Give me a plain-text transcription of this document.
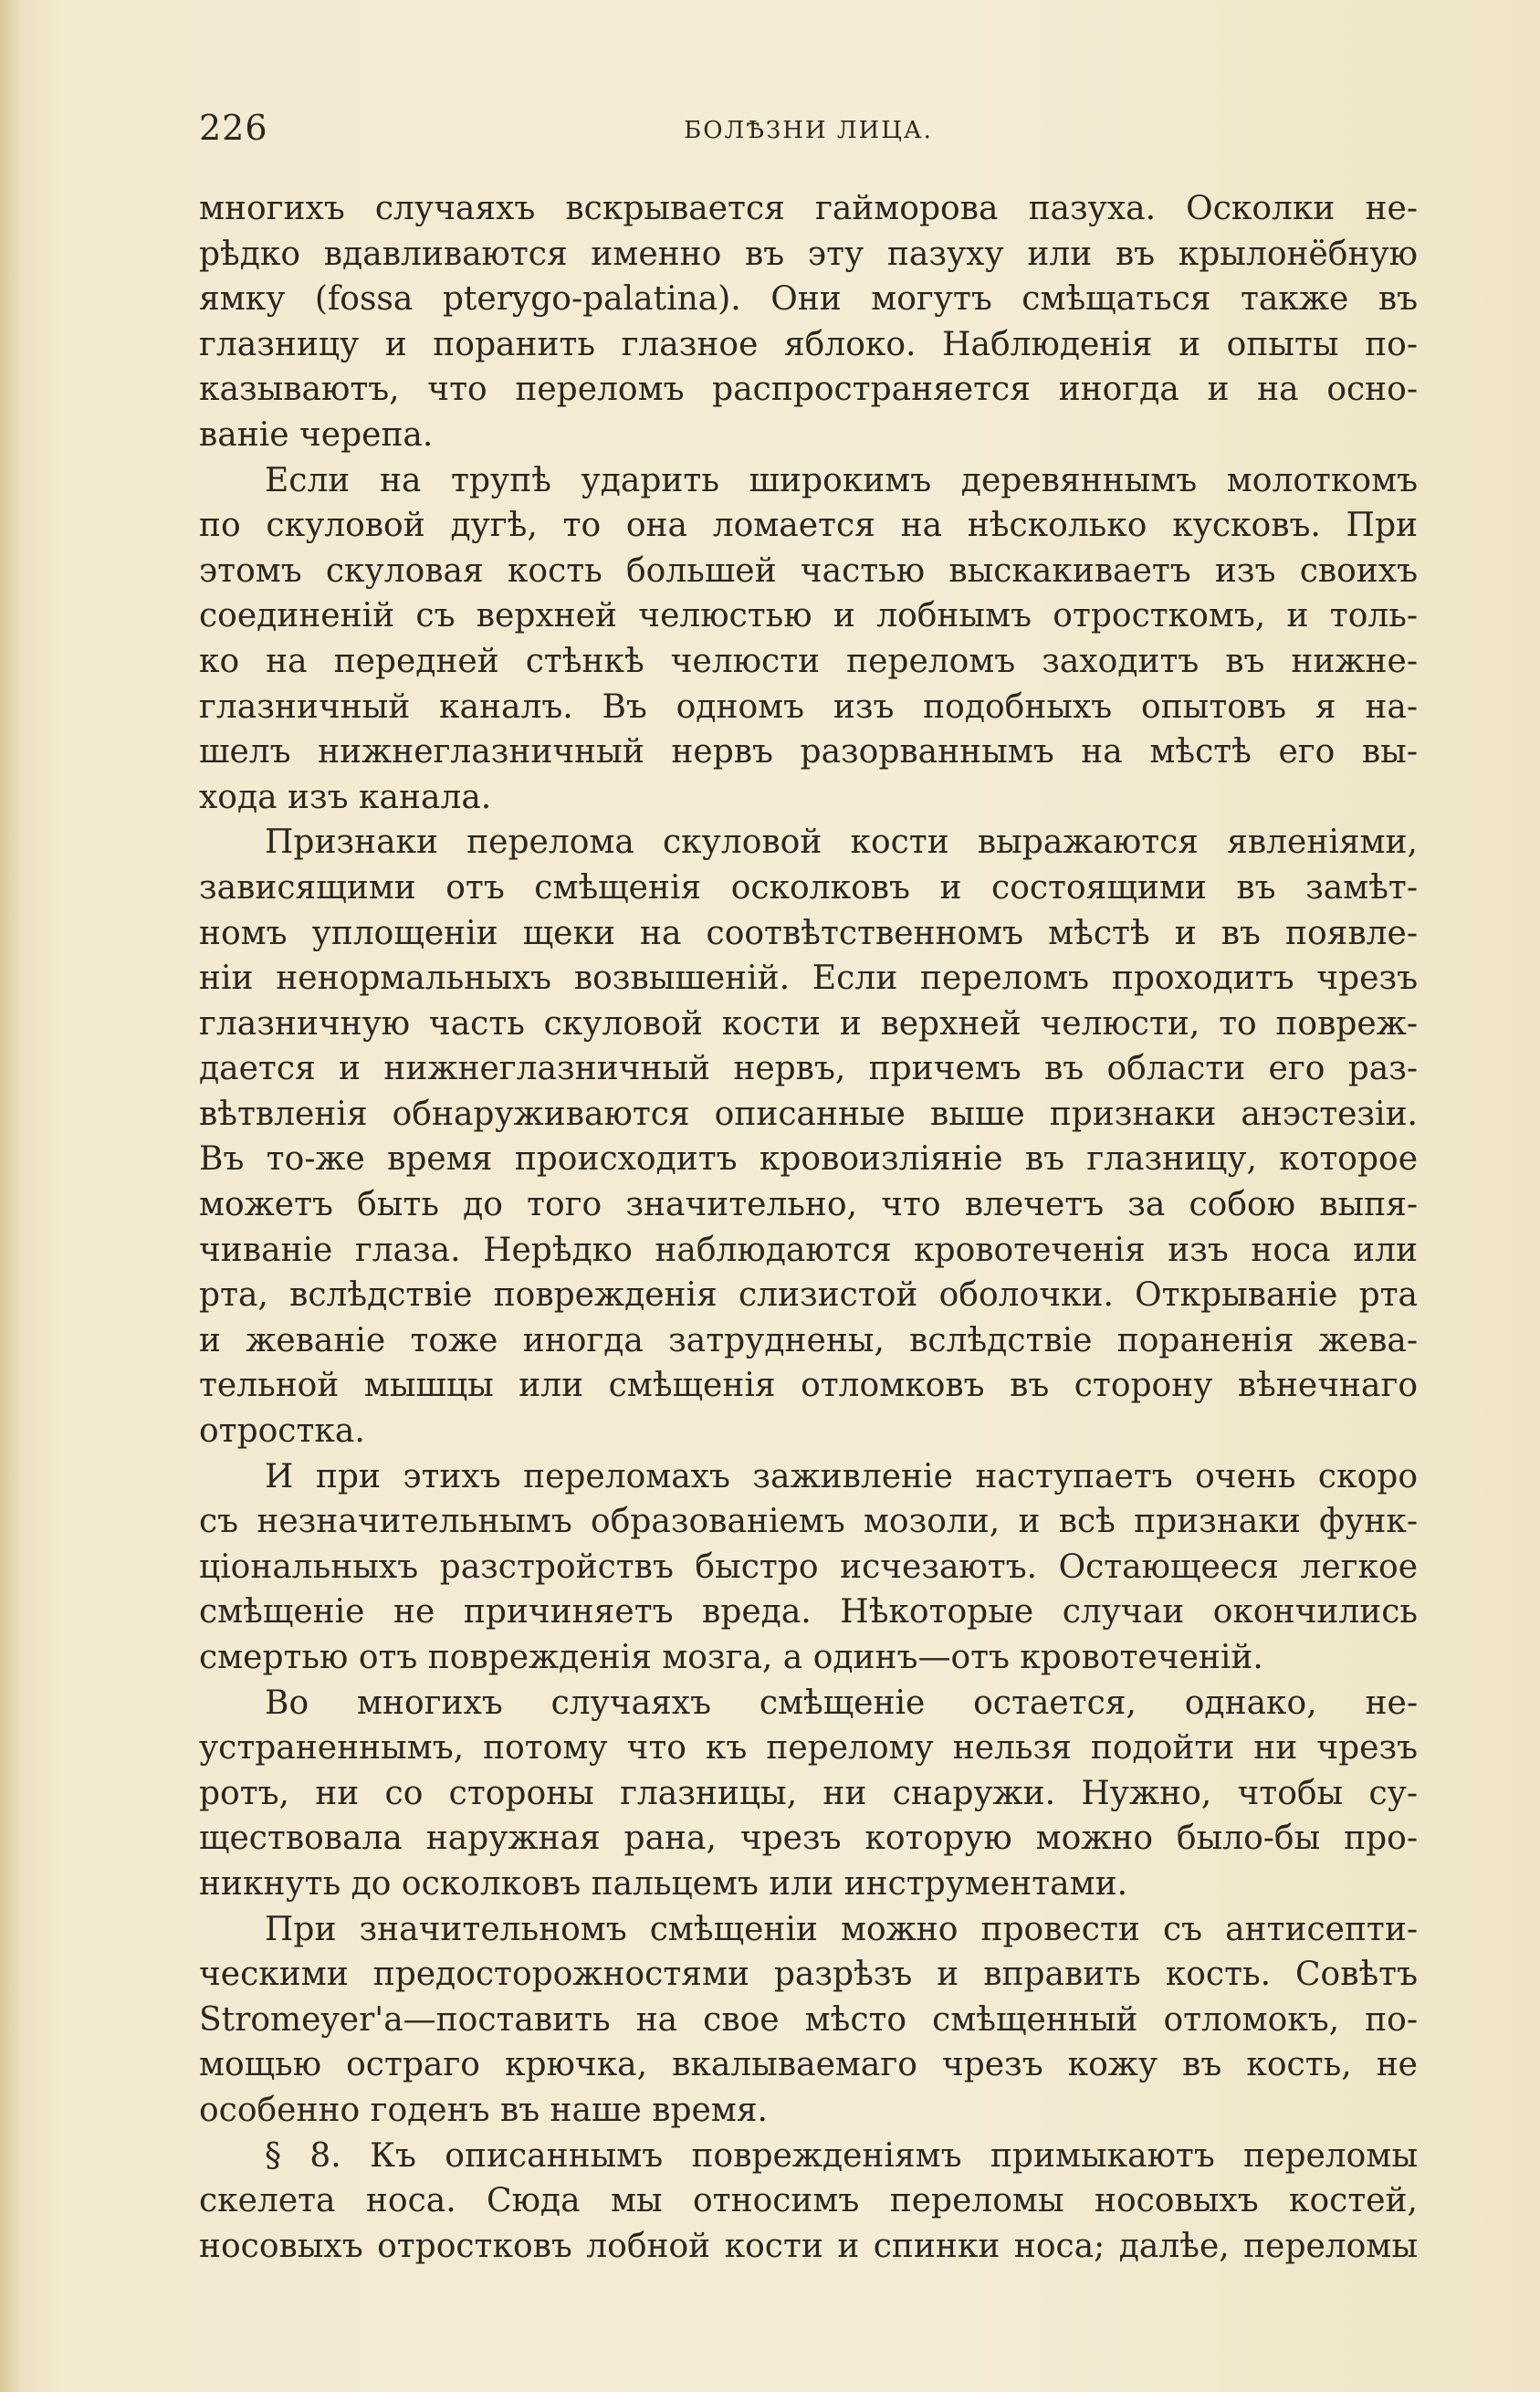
226	БОЛѢЗНИ ЛИЦА.
многихъ случаяхъ вскрывается гайморова пазуха. Осколки не-
рѣдко вдавливаются именно въ эту пазуху или въ крылонёбную
ямку (fossa pterygo-palatina). Они могутъ смѣщаться также въ
глазницу и поранить глазное яблоко. Наблюденія и опыты по-
казываютъ, что переломъ распространяется иногда и на осно-
ваніе черепа.
Если на трупѣ ударить широкимъ деревяннымъ молоткомъ
по скуловой дугѣ, то она ломается на нѣсколько кусковъ. При
этомъ скуловая кость большей частью выскакиваетъ изъ своихъ
соединеній съ верхней челюстью и лобнымъ отросткомъ, и толь-
ко на передней стѣнкѣ челюсти переломъ заходитъ въ нижне-
глазничный каналъ. Въ одномъ изъ подобныхъ опытовъ я на-
шелъ нижнеглазничный нервъ разорваннымъ на мѣстѣ его вы-
хода изъ канала.
Признаки перелома скуловой кости выражаются явленіями,
зависящими отъ смѣщенія осколковъ и состоящими въ замѣт-
номъ уплощеніи щеки на соотвѣтственномъ мѣстѣ и въ появле-
ніи ненормальныхъ возвышеній. Если переломъ проходитъ чрезъ
глазничную часть скуловой кости и верхней челюсти, то повреж-
дается и нижнеглазничный нервъ, причемъ въ области его раз-
вѣтвленія обнаруживаются описанные выше признаки анэстезіи.
Въ то-же время происходитъ кровоизліяніе въ глазницу, которое
можетъ быть до того значительно, что влечетъ за собою выпя-
чиваніе глаза. Нерѣдко наблюдаются кровотеченія изъ носа или
рта, вслѣдствіе поврежденія слизистой оболочки. Открываніе рта
и жеваніе тоже иногда затруднены, вслѣдствіе пораненія жева-
тельной мышцы или смѣщенія отломковъ въ сторону вѣнечнаго
отростка.
И при этихъ переломахъ заживленіе наступаетъ очень скоро
съ незначительнымъ образованіемъ мозоли, и всѣ признаки функ-
ціональныхъ разстройствъ быстро исчезаютъ. Остающееся легкое
смѣщеніе не причиняетъ вреда. Нѣкоторые случаи окончились
смертью отъ поврежденія мозга, а одинъ—отъ кровотеченій.
Во многихъ случаяхъ смѣщеніе остается, однако, не-
устраненнымъ, потому что къ перелому нельзя подойти ни чрезъ
ротъ, ни со стороны глазницы, ни снаружи. Нужно, чтобы су-
ществовала наружная рана, чрезъ которую можно было-бы про-
никнуть до осколковъ пальцемъ или инструментами.
При значительномъ смѣщеніи можно провести съ антисепти-
ческими предосторожностями разрѣзъ и вправить кость. Совѣтъ
Stromeyer'а—поставить на свое мѣсто смѣщенный отломокъ, по-
мощью остраго крючка, вкалываемаго чрезъ кожу въ кость, не
особенно годенъ въ наше время.
§ 8. Къ описаннымъ поврежденіямъ примыкаютъ переломы
скелета носа. Сюда мы относимъ переломы носовыхъ костей,
носовыхъ отростковъ лобной кости и спинки носа; далѣе, переломы
